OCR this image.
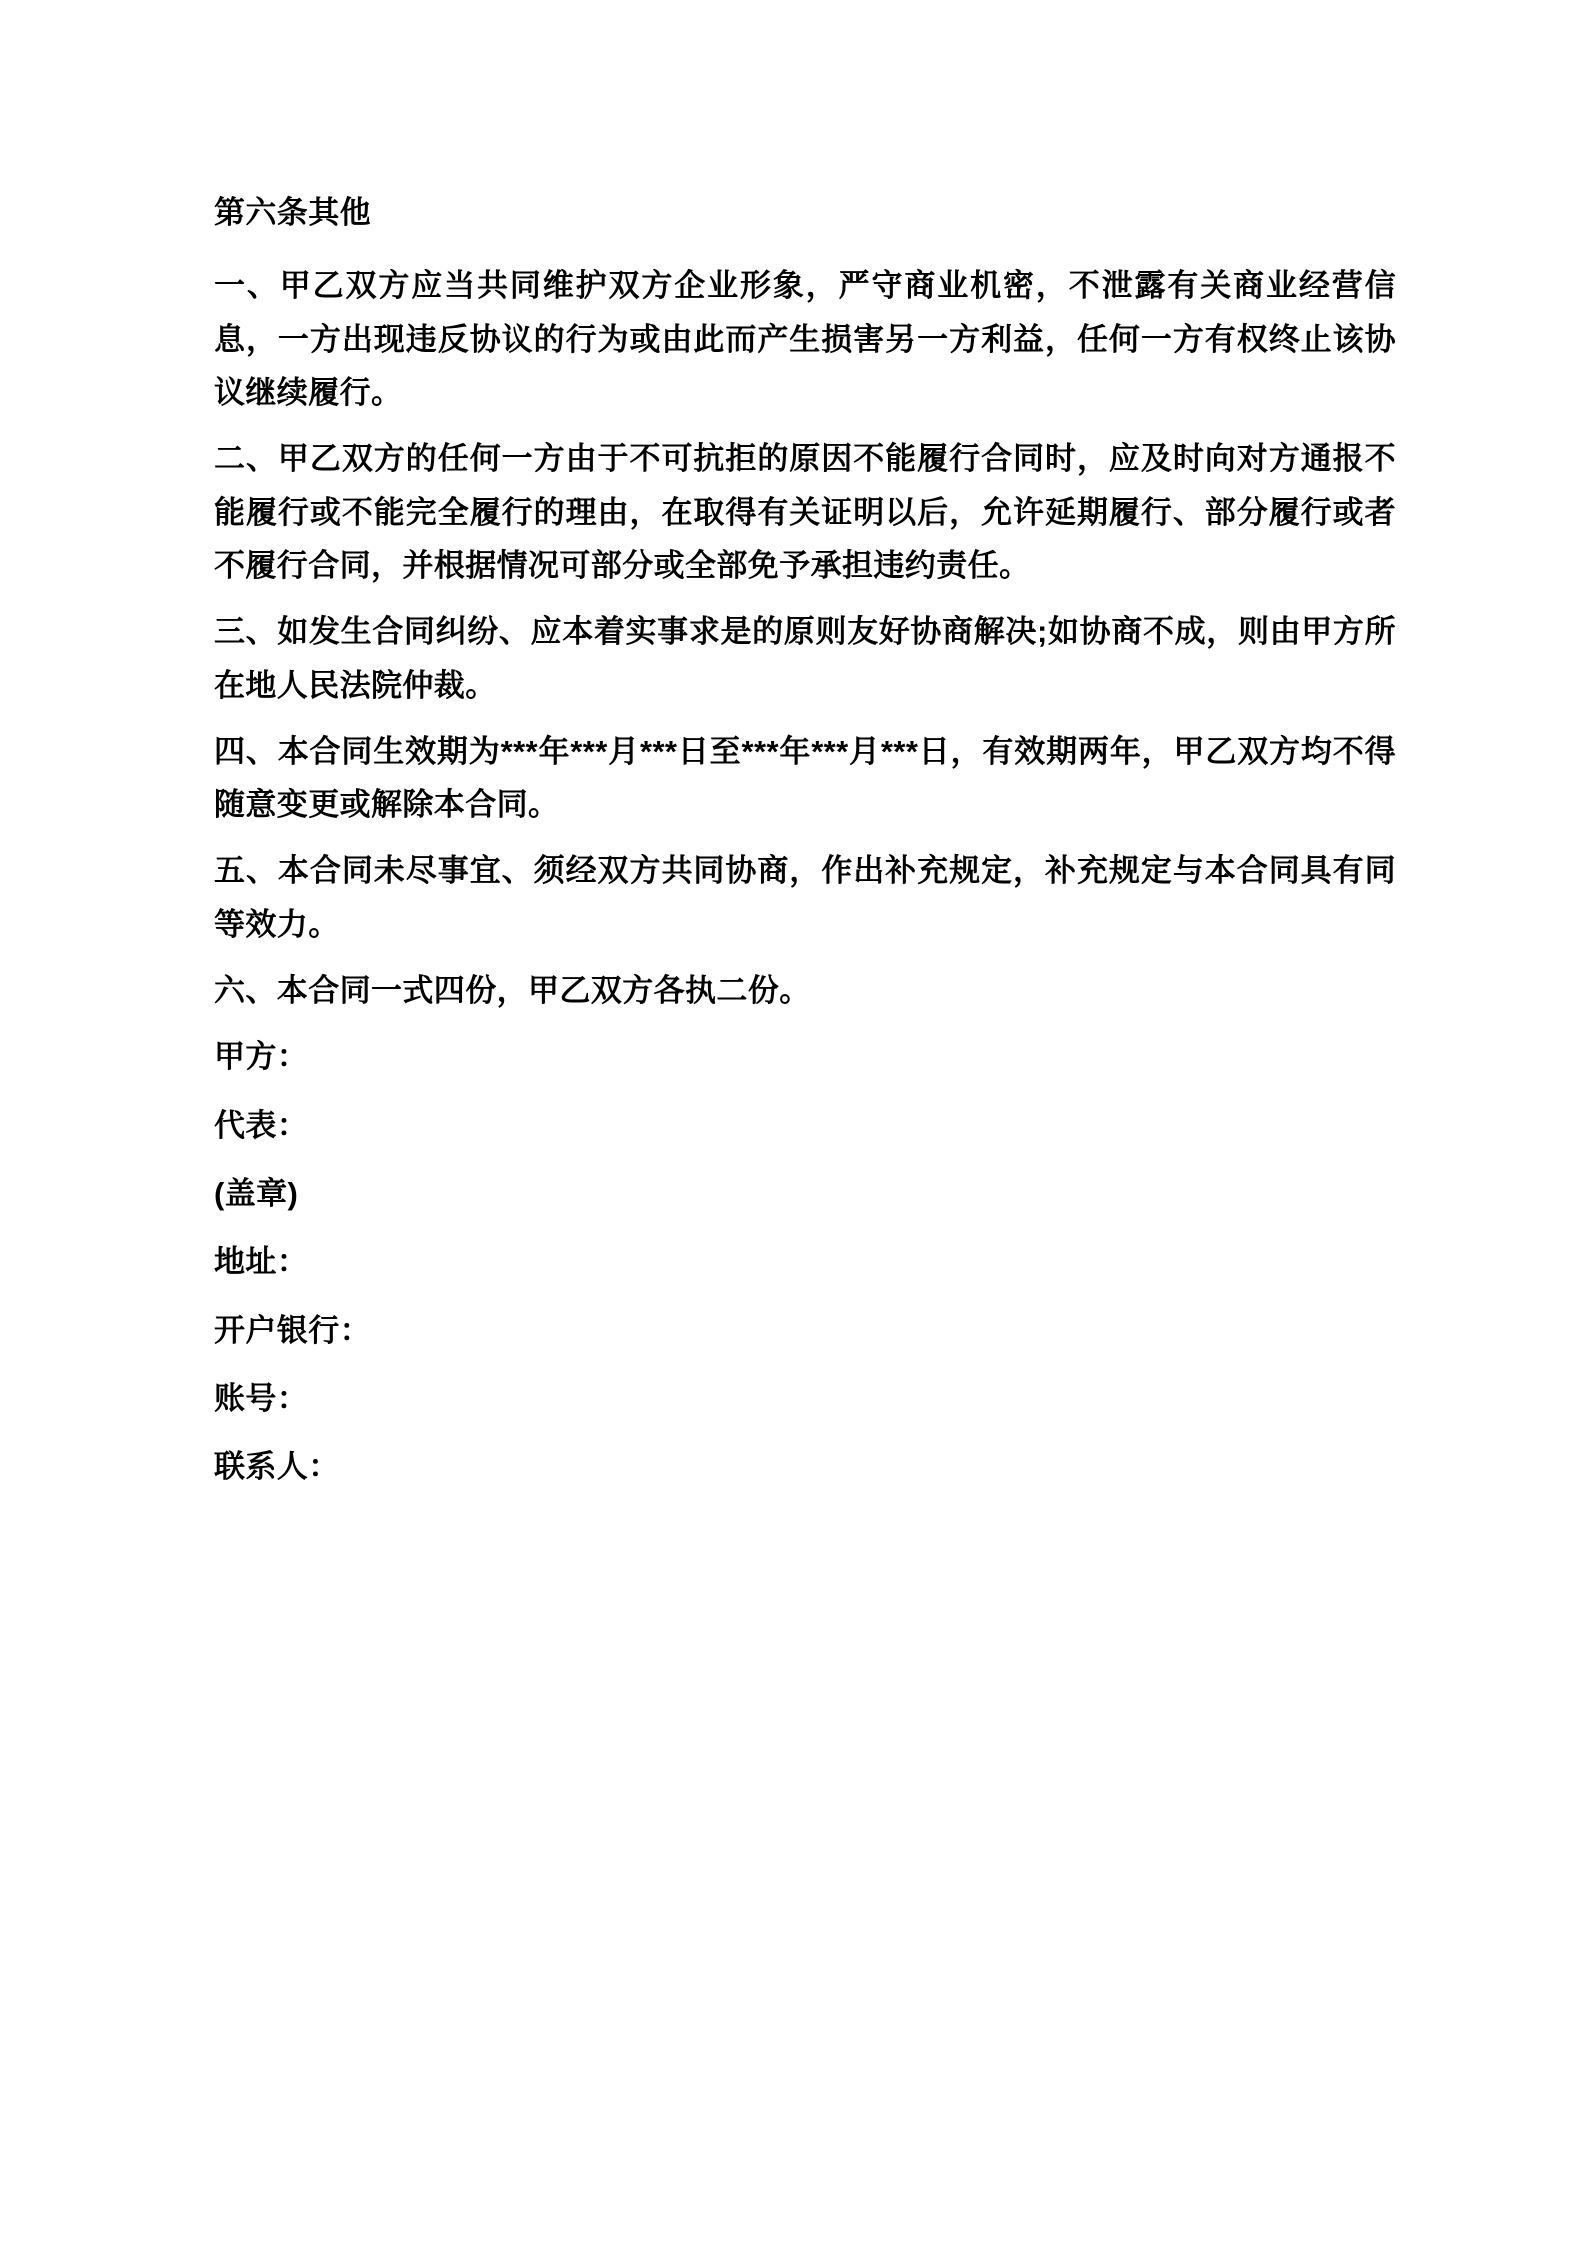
第六条其他

一、甲乙双方应当共同维护双方企业形象，严守商业机密，不泄露有关商业经营信息，一方出现违反协议的行为或由此而产生损害另一方利益，任何一方有权终止该协议继续履行。

二、甲乙双方的任何一方由于不可抗拒的原因不能履行合同时，应及时向对方通报不能履行或不能完全履行的理由，在取得有关证明以后，允许延期履行、部分履行或者不履行合同，并根据情况可部分或全部免予承担违约责任。

三、如发生合同纠纷、应本着实事求是的原则友好协商解决;如协商不成，则由甲方所在地人民法院仲裁。

四、本合同生效期为***年***月***日至***年***月***日，有效期两年，甲乙双方均不得随意变更或解除本合同。

五、本合同未尽事宜、须经双方共同协商，作出补充规定，补充规定与本合同具有同等效力。

六、本合同一式四份，甲乙双方各执二份。

甲方：

代表：

(盖章)

地址：

开户银行：

账号：

联系人：
